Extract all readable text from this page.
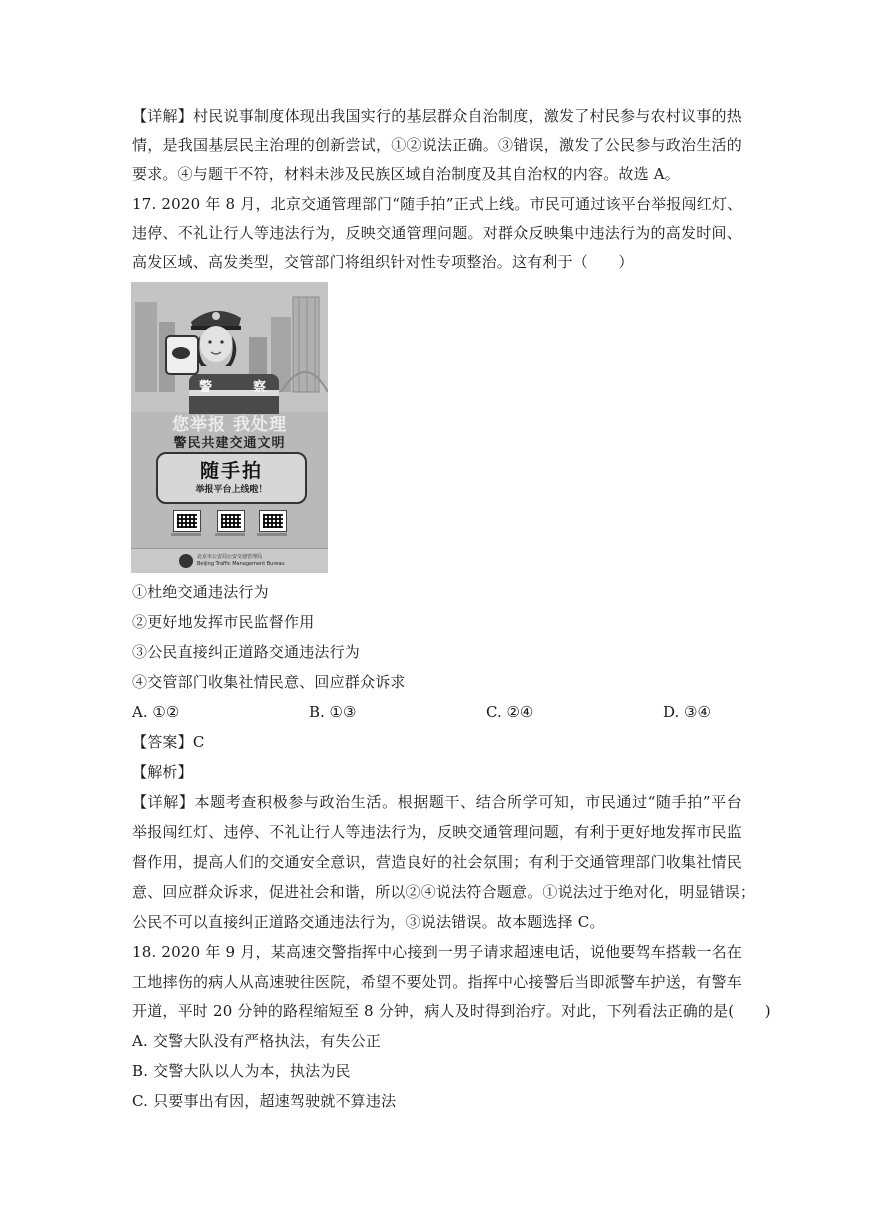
【详解】村民说事制度体现出我国实行的基层群众自治制度，激发了村民参与农村议事的热
情，是我国基层民主治理的创新尝试，①②说法正确。③错误，激发了公民参与政治生活的
要求。④与题干不符，材料未涉及民族区域自治制度及其自治权的内容。故选 A。
17. 2020 年 8 月，北京交通管理部门“随手拍”正式上线。市民可通过该平台举报闯红灯、
违停、不礼让行人等违法行为，反映交通管理问题。对群众反映集中违法行为的高发时间、
高发区域、高发类型，交管部门将组织针对性专项整治。这有利于（　　）
警	察
您举报 我处理
警民共建交通文明
随手拍
举报平台上线啦！
北京市公安局公安交通管理局
Beijing Traffic Management Bureau
①杜绝交通违法行为
②更好地发挥市民监督作用
③公民直接纠正道路交通违法行为
④交管部门收集社情民意、回应群众诉求
A. ①②	B. ①③	C. ②④	D. ③④
【答案】C
【解析】
【详解】本题考查积极参与政治生活。根据题干、结合所学可知，市民通过“随手拍”平台
举报闯红灯、违停、不礼让行人等违法行为，反映交通管理问题，有利于更好地发挥市民监
督作用，提高人们的交通安全意识，营造良好的社会氛围；有利于交通管理部门收集社情民
意、回应群众诉求，促进社会和谐，所以②④说法符合题意。①说法过于绝对化，明显错误；
公民不可以直接纠正道路交通违法行为，③说法错误。故本题选择 C。
18. 2020 年 9 月，某高速交警指挥中心接到一男子请求超速电话，说他要驾车搭载一名在
工地摔伤的病人从高速驶往医院，希望不要处罚。指挥中心接警后当即派警车护送，有警车
开道，平时 20 分钟的路程缩短至 8 分钟，病人及时得到治疗。对此，下列看法正确的是(　　)
A. 交警大队没有严格执法，有失公正
B. 交警大队以人为本，执法为民
C. 只要事出有因，超速驾驶就不算违法
